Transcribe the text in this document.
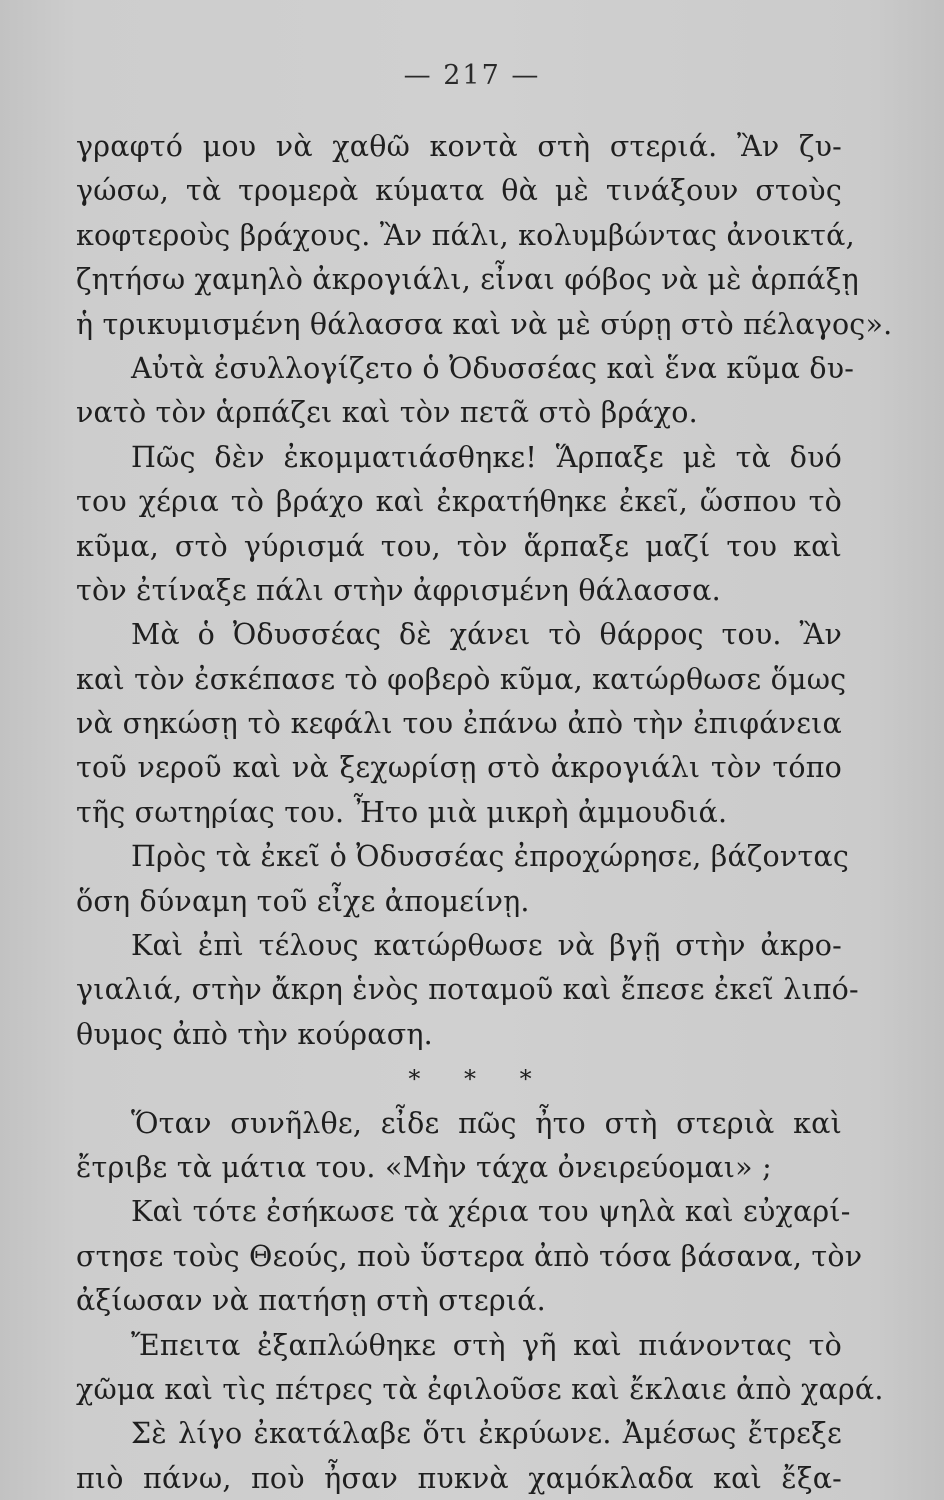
— 217 —
γραφτό μου νὰ χαθῶ κοντὰ στὴ στεριά. Ἂν ζυ-
γώσω, τὰ τρομερὰ κύματα θὰ μὲ τινάξουν στοὺς
κοφτεροὺς βράχους. Ἂν πάλι, κολυμβώντας ἀνοικτά,
ζητήσω χαμηλὸ ἀκρογιάλι, εἶναι φόβος νὰ μὲ ἁρπάξῃ
ἡ τρικυμισμένη θάλασσα καὶ νὰ μὲ σύρῃ στὸ πέλαγος».
Αὐτὰ ἐσυλλογίζετο ὁ Ὀδυσσέας καὶ ἕνα κῦμα δυ-
νατὸ τὸν ἁρπάζει καὶ τὸν πετᾶ στὸ βράχο.
Πῶς δὲν ἐκομματιάσθηκε! Ἅρπαξε μὲ τὰ δυό
του χέρια τὸ βράχο καὶ ἐκρατήθηκε ἐκεῖ, ὥσπου τὸ
κῦμα, στὸ γύρισμά του, τὸν ἅρπαξε μαζί του καὶ
τὸν ἐτίναξε πάλι στὴν ἀφρισμένη θάλασσα.
Μὰ ὁ Ὀδυσσέας δὲ χάνει τὸ θάρρος του. Ἂν
καὶ τὸν ἐσκέπασε τὸ φοβερὸ κῦμα, κατώρθωσε ὅμως
νὰ σηκώσῃ τὸ κεφάλι του ἐπάνω ἀπὸ τὴν ἐπιφάνεια
τοῦ νεροῦ καὶ νὰ ξεχωρίσῃ στὸ ἀκρογιάλι τὸν τόπο
τῆς σωτηρίας του. Ἦτο μιὰ μικρὴ ἀμμουδιά.
Πρὸς τὰ ἐκεῖ ὁ Ὀδυσσέας ἐπροχώρησε, βάζοντας
ὅση δύναμη τοῦ εἶχε ἀπομείνῃ.
Καὶ ἐπὶ τέλους κατώρθωσε νὰ βγῇ στὴν ἀκρο-
γιαλιά, στὴν ἄκρη ἑνὸς ποταμοῦ καὶ ἔπεσε ἐκεῖ λιπό-
θυμος ἀπὸ τὴν κούραση.
* * *
Ὅταν συνῆλθε, εἶδε πῶς ἦτο στὴ στεριὰ καὶ
ἔτριβε τὰ μάτια του. «Μὴν τάχα ὀνειρεύομαι» ;
Καὶ τότε ἐσήκωσε τὰ χέρια του ψηλὰ καὶ εὐχαρί-
στησε τοὺς Θεούς, ποὺ ὕστερα ἀπὸ τόσα βάσανα, τὸν
ἀξίωσαν νὰ πατήσῃ στὴ στεριά.
Ἔπειτα ἐξαπλώθηκε στὴ γῆ καὶ πιάνοντας τὸ
χῶμα καὶ τὶς πέτρες τὰ ἐφιλοῦσε καὶ ἔκλαιε ἀπὸ χαρά.
Σὲ λίγο ἐκατάλαβε ὅτι ἐκρύωνε. Ἀμέσως ἔτρεξε
πιὸ πάνω, ποὺ ἦσαν πυκνὰ χαμόκλαδα καὶ ἔξα-
